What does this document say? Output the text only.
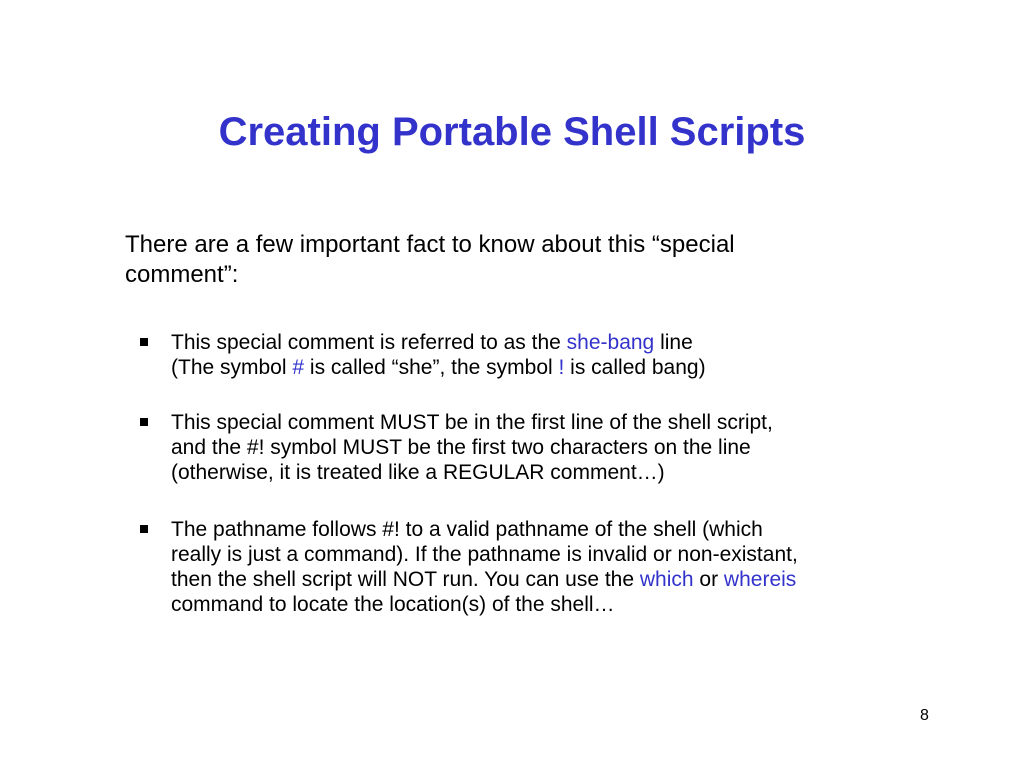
Creating Portable Shell Scripts

There are a few important fact to know about this “special
comment”:

This special comment is referred to as the she-bang line
(The symbol # is called “she”, the symbol ! is called bang)
This special comment MUST be in the first line of the shell script,
and the #! symbol MUST be the first two characters on the line
(otherwise, it is treated like a REGULAR comment…)
The pathname follows #! to a valid pathname of the shell (which
really is just a command). If the pathname is invalid or non-existant,
then the shell script will NOT run. You can use the which or whereis
command to locate the location(s) of the shell…
8
